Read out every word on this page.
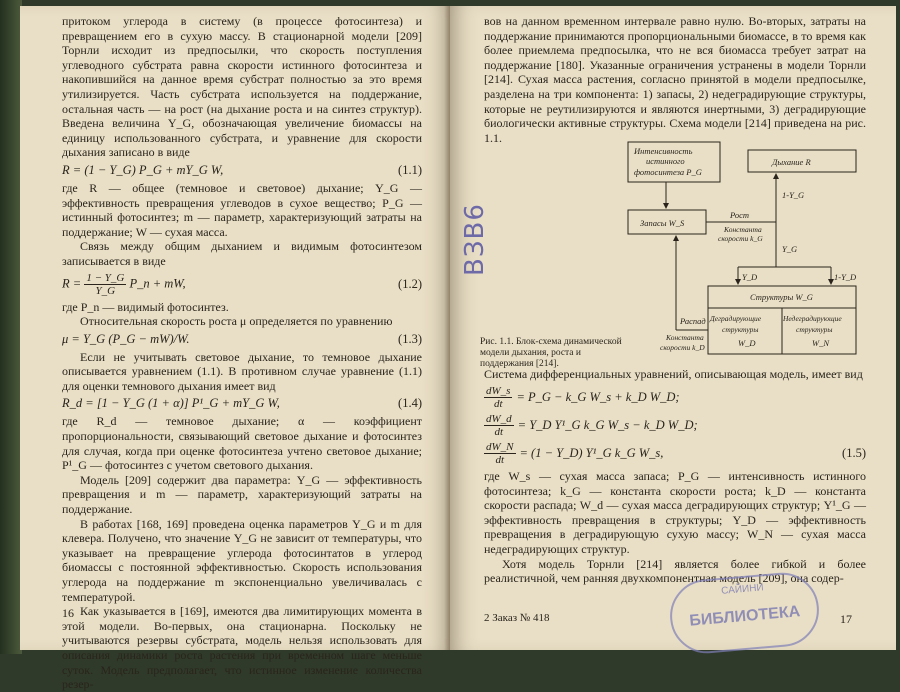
притоком углерода в систему (в процессе фотосинтеза) и превращением его в сухую массу. В стационарной модели [209] Торнли исходит из предпосылки, что скорость поступления углеводного субстрата равна скорости истинного фотосинтеза и накопившийся на данное время субстрат полностью за это время утилизируется. Часть субстрата используется на поддержание, остальная часть — на рост (на дыхание роста и на синтез структур). Введена величина Y_G, обозначающая увеличение биомассы на единицу использованного субстрата, и уравнение для скорости дыхания записано в виде

R = (1 − Y_G) P_G + mY_G W,	(1.1)

где R — общее (темновое и световое) дыхание; Y_G — эффективность превращения углеводов в сухое вещество; P_G — истинный фотосинтез; m — параметр, характеризующий затраты на поддержание; W — сухая масса.

Связь между общим дыханием и видимым фотосинтезом записывается в виде

$R = \frac{1 - Y\_G}{Y\_G}$ P_n + mW,	(1.2)

где P_n — видимый фотосинтез.

Относительная скорость роста μ определяется по уравнению

μ = Y_G (P_G − mW)/W.	(1.3)

Если не учитывать световое дыхание, то темновое дыхание описывается уравнением (1.1). В противном случае уравнение (1.1) для оценки темнового дыхания имеет вид

R_d = [1 − Y_G (1 + α)] P¹_G + mY_G W,	(1.4)

где R_d — темновое дыхание; α — коэффициент пропорциональности, связывающий световое дыхание и фотосинтез для случая, когда при оценке фотосинтеза учтено световое дыхание; P¹_G — фотосинтез с учетом светового дыхания.

Модель [209] содержит два параметра: Y_G — эффективность превращения и m — параметр, характеризующий затраты на поддержание.

В работах [168, 169] проведена оценка параметров Y_G и m для клевера. Получено, что значение Y_G не зависит от температуры, что указывает на превращение углерода фотосинтатов в углерод биомассы с постоянной эффективностью. Скорость использования углерода на поддержание m экспоненциально увеличивалась с температурой.

Как указывается в [169], имеются два лимитирующих момента в этой модели. Во-первых, она стационарна. Поскольку не учитываются резервы субстрата, модель нельзя использовать для описания динамики роста растения при временном шаге меньше суток. Модель предполагает, что истинное изменение количества резер-

16

вов на данном временном интервале равно нулю. Во-вторых, затраты на поддержание принимаются пропорциональными биомассе, в то время как более приемлема предпосылка, что не вся биомасса требует затрат на поддержание [180]. Указанные ограничения устранены в модели Торнли [214]. Сухая масса растения, согласно принятой в модели предпосылке, разделена на три компонента: 1) запасы, 2) недеградирующие структуры, которые не реутилизируются и являются инертными, 3) деградирующие биологически активные структуры. Схема модели [214] приведена на рис. 1.1.

Система дифференциальных уравнений, описывающая модель, имеет вид

$\frac{dW\_s}{dt}$ = P_G − k_G W_s + k_D W_D;
$\frac{dW\_d}{dt}$ = Y_D Y¹_G k_G W_s − k_D W_D;
$\frac{dW\_N}{dt} = (1$ − Y_D) Y¹_G k_G W_s,	(1.5)

где W_s — сухая масса запаса; P_G — интенсивность истинного фотосинтеза; k_G — константа скорости роста; k_D — константа скорости распада; W_d — сухая масса деградирующих структур; Y¹_G — эффективность превращения в структуры; Y_D — эффективность превращения в деградирующую сухую массу; W_N — сухая масса недеградирующих структур.

Хотя модель Торнли [214] является более гибкой и более реалистичной, чем ранняя двухкомпонентная модель [209], она содер-

2 Заказ № 418	17

Рис. 1.1. Блок-схема динамической модели дыхания, роста и поддержания [214].

Интенсивность
истинного
фотосинтеза P_G
Дыхание R
Запасы W_S
Структуры W_G
Деградирующие
структуры
W_D
Недеградирующие
структуры
W_N
Рост
Константа
скорости k_G
1-Y_G
Y_G
Y_D	1-Y_D
Распад
Константа
скорости k_D
САЙИНИ
БИБЛИОТЕКА
ВЗВ6
